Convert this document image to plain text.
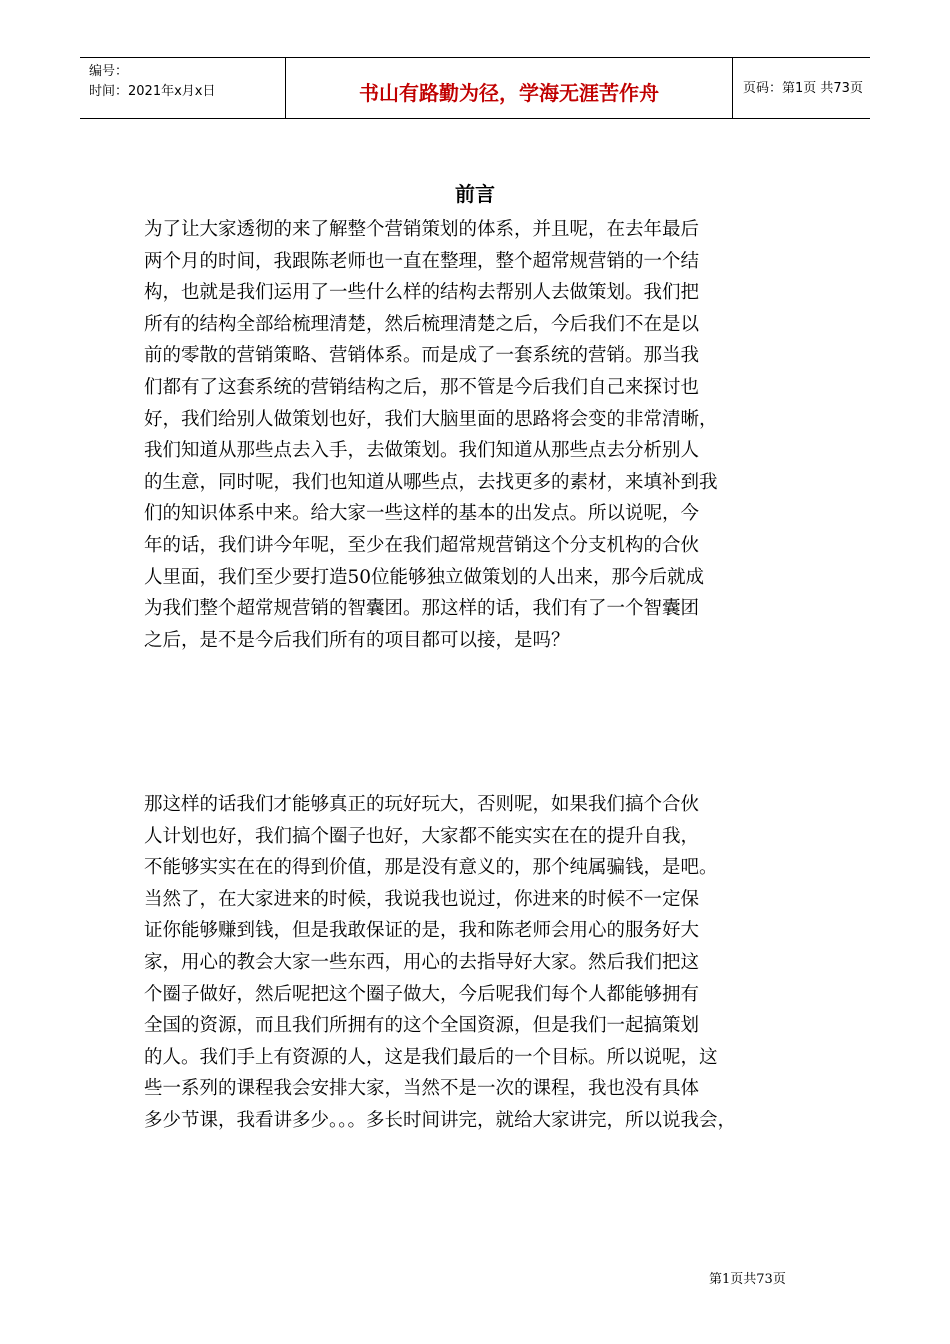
编号：
时间：2021年x月x日	书山有路勤为径，学海无涯苦作舟	页码：第1页 共73页
前言
为了让大家透彻的来了解整个营销策划的体系，并且呢，在去年最后
两个月的时间，我跟陈老师也一直在整理，整个超常规营销的一个结
构，也就是我们运用了一些什么样的结构去帮别人去做策划。我们把
所有的结构全部给梳理清楚，然后梳理清楚之后，今后我们不在是以
前的零散的营销策略、营销体系。而是成了一套系统的营销。那当我
们都有了这套系统的营销结构之后，那不管是今后我们自己来探讨也
好，我们给别人做策划也好，我们大脑里面的思路将会变的非常清晰，
我们知道从那些点去入手，去做策划。我们知道从那些点去分析别人
的生意，同时呢，我们也知道从哪些点，去找更多的素材，来填补到我
们的知识体系中来。给大家一些这样的基本的出发点。所以说呢，今
年的话，我们讲今年呢，至少在我们超常规营销这个分支机构的合伙
人里面，我们至少要打造50位能够独立做策划的人出来，那今后就成
为我们整个超常规营销的智囊团。那这样的话，我们有了一个智囊团
之后，是不是今后我们所有的项目都可以接，是吗？
那这样的话我们才能够真正的玩好玩大，否则呢，如果我们搞个合伙
人计划也好，我们搞个圈子也好，大家都不能实实在在的提升自我，
不能够实实在在的得到价值，那是没有意义的，那个纯属骗钱，是吧。
当然了，在大家进来的时候，我说我也说过，你进来的时候不一定保
证你能够赚到钱，但是我敢保证的是，我和陈老师会用心的服务好大
家，用心的教会大家一些东西，用心的去指导好大家。然后我们把这
个圈子做好，然后呢把这个圈子做大，今后呢我们每个人都能够拥有
全国的资源，而且我们所拥有的这个全国资源，但是我们一起搞策划
的人。我们手上有资源的人，这是我们最后的一个目标。所以说呢，这
些一系列的课程我会安排大家，当然不是一次的课程，我也没有具体
多少节课，我看讲多少。。。多长时间讲完，就给大家讲完，所以说我会，
第1页共73页
